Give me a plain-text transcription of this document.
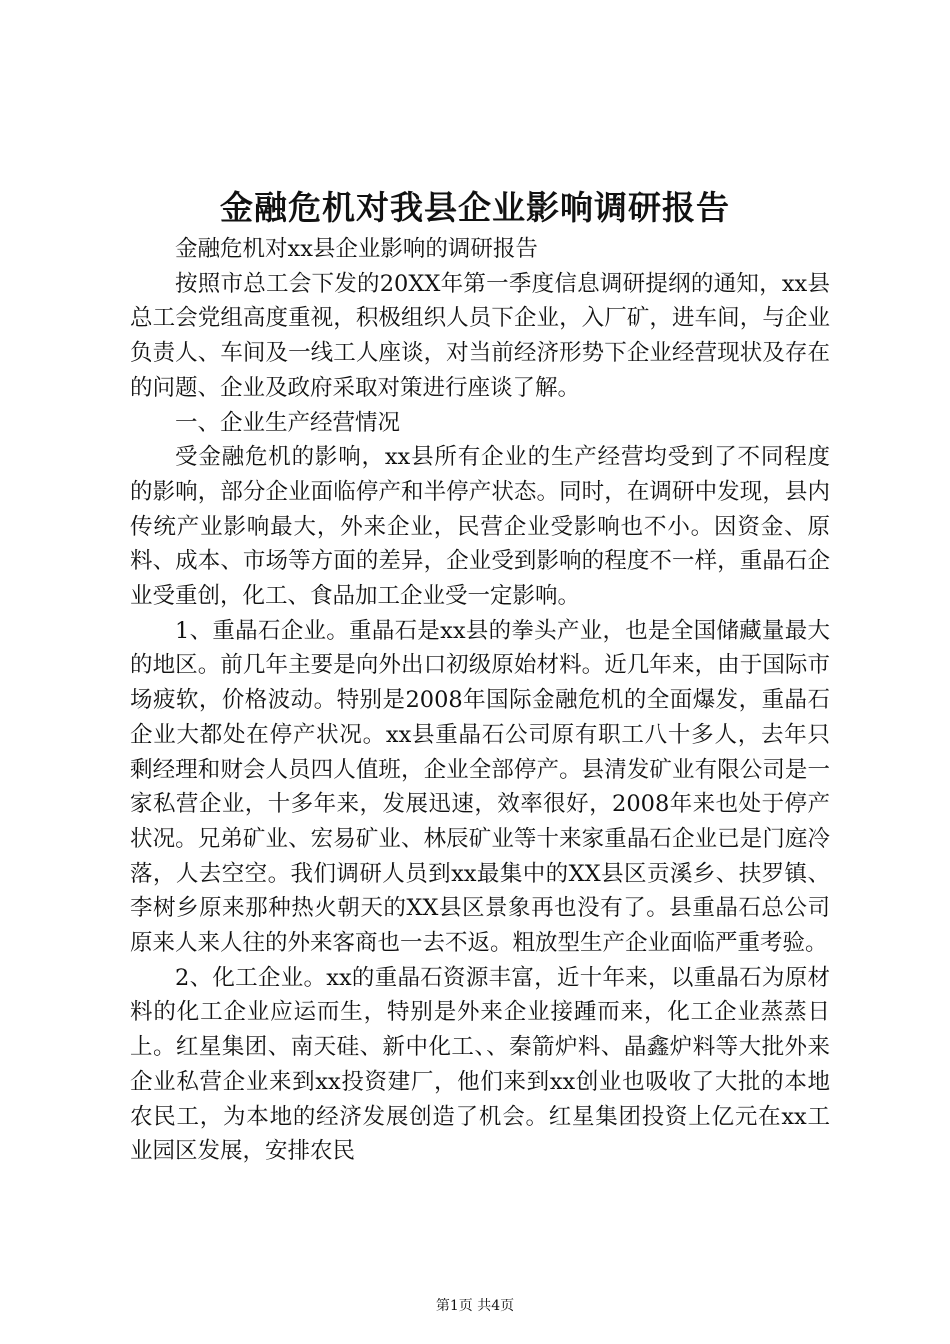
金融危机对我县企业影响调研报告

金融危机对xx县企业影响的调研报告

按照市总工会下发的20XX年第一季度信息调研提纲的通知，xx县总工会党组高度重视，积极组织人员下企业，入厂矿，进车间，与企业负责人、车间及一线工人座谈，对当前经济形势下企业经营现状及存在的问题、企业及政府采取对策进行座谈了解。

一、企业生产经营情况

受金融危机的影响，xx县所有企业的生产经营均受到了不同程度的影响，部分企业面临停产和半停产状态。同时，在调研中发现，县内传统产业影响最大，外来企业，民营企业受影响也不小。因资金、原料、成本、市场等方面的差异，企业受到影响的程度不一样，重晶石企业受重创，化工、食品加工企业受一定影响。

1、重晶石企业。重晶石是xx县的拳头产业，也是全国储藏量最大的地区。前几年主要是向外出口初级原始材料。近几年来，由于国际市场疲软，价格波动。特别是2008年国际金融危机的全面爆发，重晶石企业大都处在停产状况。xx县重晶石公司原有职工八十多人，去年只剩经理和财会人员四人值班，企业全部停产。县清发矿业有限公司是一家私营企业，十多年来，发展迅速，效率很好，2008年来也处于停产状况。兄弟矿业、宏易矿业、林辰矿业等十来家重晶石企业已是门庭冷落，人去空空。我们调研人员到xx最集中的XX县区贡溪乡、扶罗镇、李树乡原来那种热火朝天的XX县区景象再也没有了。县重晶石总公司原来人来人往的外来客商也一去不返。粗放型生产企业面临严重考验。

2、化工企业。xx的重晶石资源丰富，近十年来，以重晶石为原材料的化工企业应运而生，特别是外来企业接踵而来，化工企业蒸蒸日上。红星集团、南天硅、新中化工、、秦箭炉料、晶鑫炉料等大批外来企业私营企业来到xx投资建厂，他们来到xx创业也吸收了大批的本地农民工，为本地的经济发展创造了机会。红星集团投资上亿元在xx工业园区发展，安排农民

第1页 共4页
